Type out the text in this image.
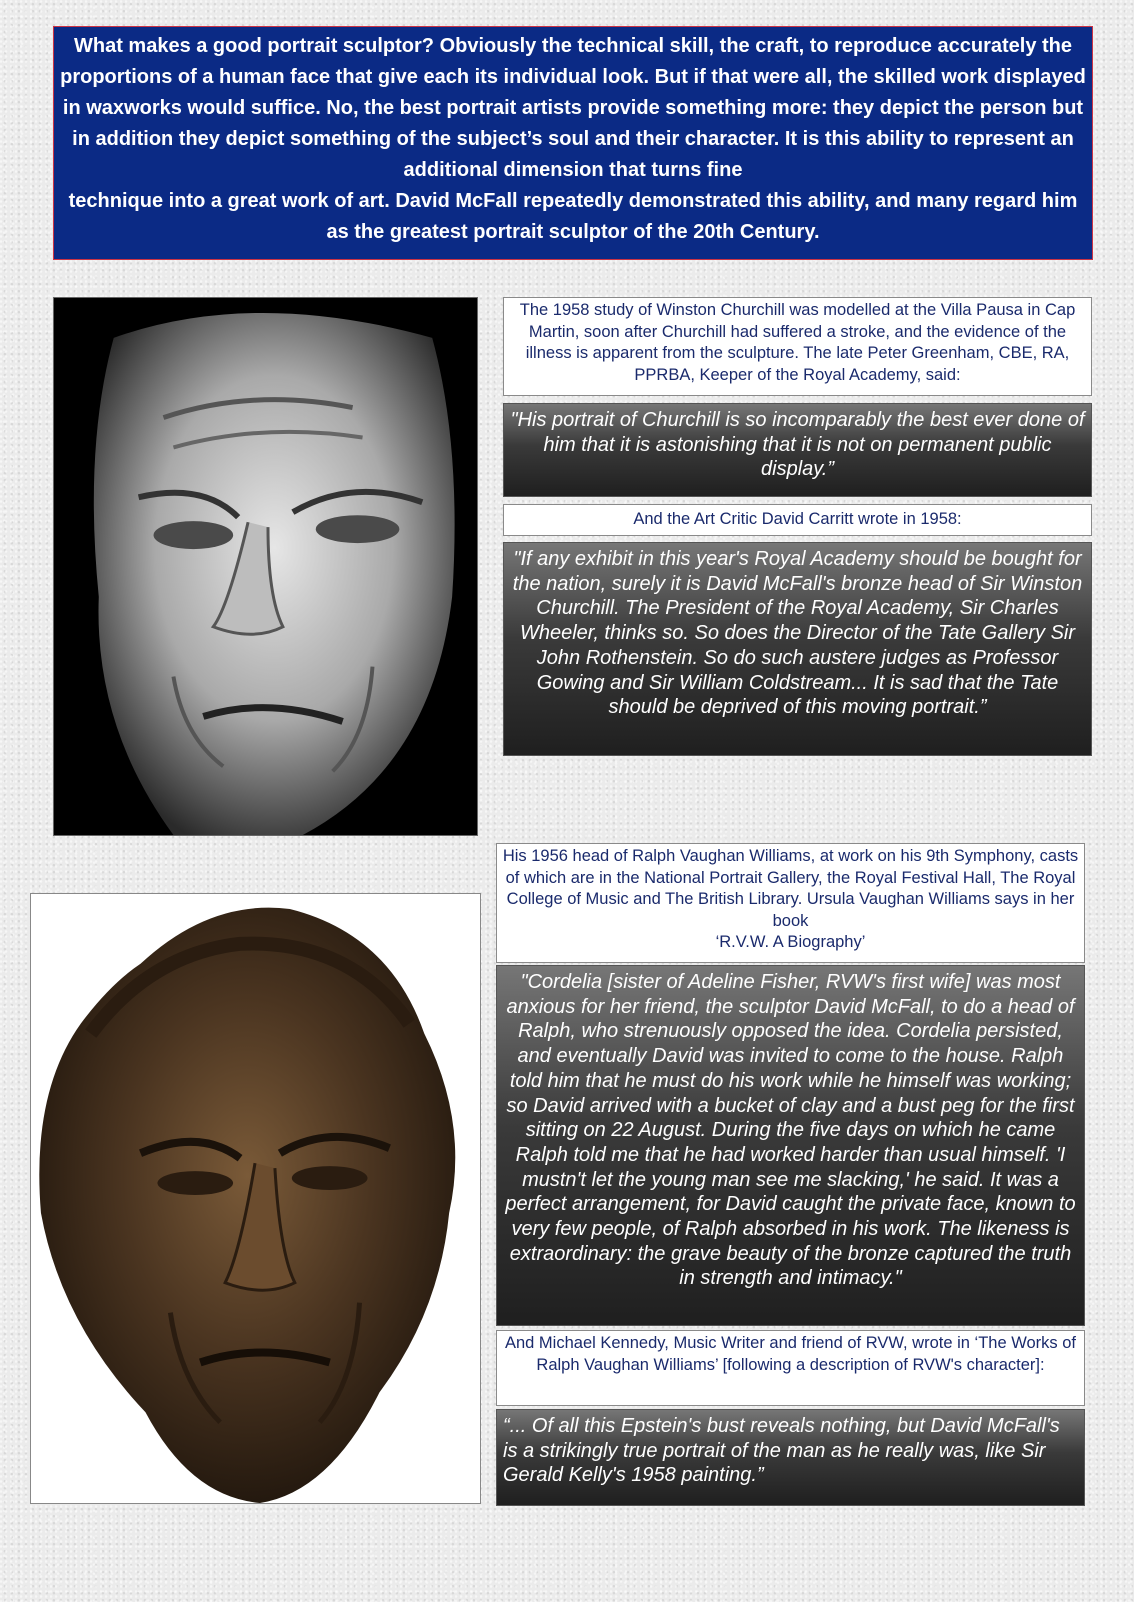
What makes a good portrait sculptor? Obviously the technical skill, the craft, to reproduce accurately the proportions of a human face that give each its individual look. But if that were all, the skilled work displayed in waxworks would suffice. No, the best portrait artists provide something more: they depict the person but in addition they depict something of the subject’s soul and their character. It is this ability to represent an additional dimension that turns fine
technique into a great work of art. David McFall repeatedly demonstrated this ability, and many regard him as the greatest portrait sculptor of the 20th Century.
The 1958 study of Winston Churchill was modelled at the Villa Pausa in Cap Martin, soon after Churchill had suffered a stroke, and the evidence of the illness is apparent from the sculpture. The late Peter Greenham, CBE, RA, PPRBA, Keeper of the Royal Academy, said:
"His portrait of Churchill is so incomparably the best ever done of him that it is astonishing that it is not on permanent public display.”
And the Art Critic David Carritt wrote in 1958:
"If any exhibit in this year's Royal Academy should be bought for the nation, surely it is David McFall's bronze head of Sir Winston Churchill. The President of the Royal Academy, Sir Charles Wheeler, thinks so. So does the Director of the Tate Gallery Sir John Rothenstein. So do such austere judges as Professor Gowing and Sir William Coldstream... It is sad that the Tate should be deprived of this moving portrait.”
His 1956 head of Ralph Vaughan Williams, at work on his 9th Symphony, casts of which are in the National Portrait Gallery, the Royal Festival Hall, The Royal College of Music and The British Library. Ursula Vaughan Williams says in her book
‘R.V.W. A Biography’
"Cordelia [sister of Adeline Fisher, RVW's first wife] was most anxious for her friend, the sculptor David McFall, to do a head of Ralph, who strenuously opposed the idea. Cordelia persisted, and eventually David was invited to come to the house. Ralph told him that he must do his work while he himself was working; so David arrived with a bucket of clay and a bust peg for the first sitting on 22 August. During the five days on which he came Ralph told me that he had worked harder than usual himself. 'I mustn't let the young man see me slacking,' he said. It was a perfect arrangement, for David caught the private face, known to very few people, of Ralph absorbed in his work. The likeness is extraordinary: the grave beauty of the bronze captured the truth in strength and intimacy."
And Michael Kennedy, Music Writer and friend of RVW, wrote in ‘The Works of Ralph Vaughan Williams’ [following a description of RVW's character]:
“... Of all this Epstein's bust reveals nothing, but David McFall's is a strikingly true portrait of the man as he really was, like Sir Gerald Kelly's 1958 painting.”
